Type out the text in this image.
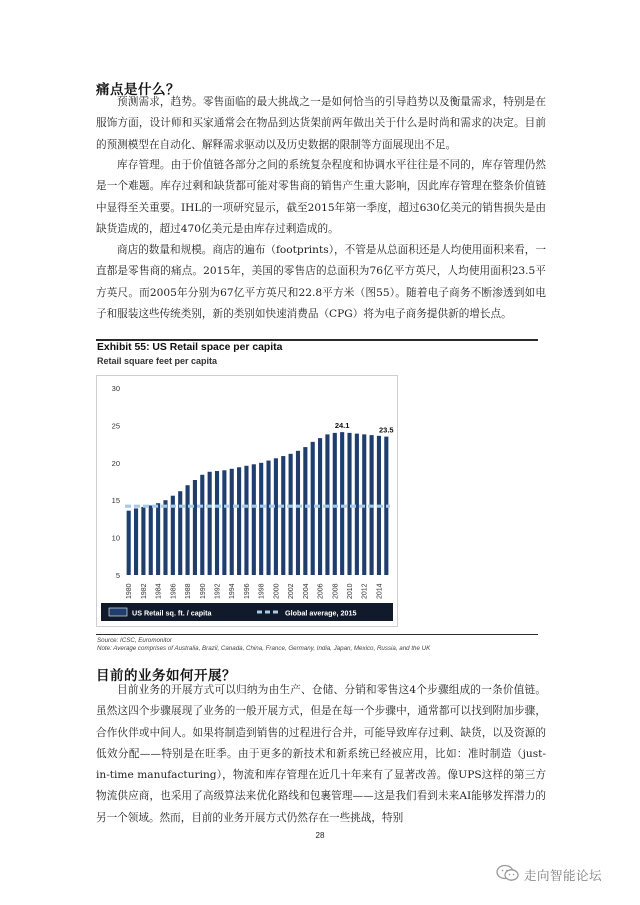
痛点是什么？

预测需求，趋势。零售面临的最大挑战之一是如何恰当的引导趋势以及衡量需求，特别是在服饰方面，设计师和买家通常会在物品到达货架前两年做出关于什么是时尚和需求的决定。目前的预测模型在自动化、解释需求驱动以及历史数据的限制等方面展现出不足。

库存管理。由于价值链各部分之间的系统复杂程度和协调水平往往是不同的，库存管理仍然是一个难题。库存过剩和缺货都可能对零售商的销售产生重大影响，因此库存管理在整条价值链中显得至关重要。IHL的一项研究显示，截至2015年第一季度，超过630亿美元的销售损失是由缺货造成的，超过470亿美元是由库存过剩造成的。

商店的数量和规模。商店的遍布（footprints），不管是从总面积还是人均使用面积来看，一直都是零售商的痛点。2015年，美国的零售店的总面积为76亿平方英尺，人均使用面积23.5平方英尺。而2005年分别为67亿平方英尺和22.8平方米（图55）。随着电子商务不断渗透到如电子和服装这些传统类别，新的类别如快速消费品（CPG）将为电子商务提供新的增长点。

Exhibit 55: US Retail space per capita

Retail square feet per capita

5
10
15
20
25
30
24.1	23.5
1980 1982 1984 1986 1988 1990 1992 1994 1996 1998 2000 2002 2004 2006 2008 2010 2012 2014
US Retail sq. ft. / capita	Global average, 2015

Source: ICSC, Euromonitor

Note: Average comprises of Australia, Brazil, Canada, China, France, Germany, India, Japan, Mexico, Russia, and the UK

目前的业务如何开展？

目前业务的开展方式可以归纳为由生产、仓储、分销和零售这4个步骤组成的一条价值链。虽然这四个步骤展现了业务的一般开展方式，但是在每一个步骤中，通常都可以找到附加步骤，合作伙伴或中间人。如果将制造到销售的过程进行合并，可能导致库存过剩、缺货，以及资源的低效分配——特别是在旺季。由于更多的新技术和新系统已经被应用，比如：准时制造（just-in-time manufacturing），物流和库存管理在近几十年来有了显著改善。像UPS这样的第三方物流供应商，也采用了高级算法来优化路线和包裹管理——这是我们看到未来AI能够发挥潜力的另一个领域。然而，目前的业务开展方式仍然存在一些挑战，特别

28

走向智能论坛
